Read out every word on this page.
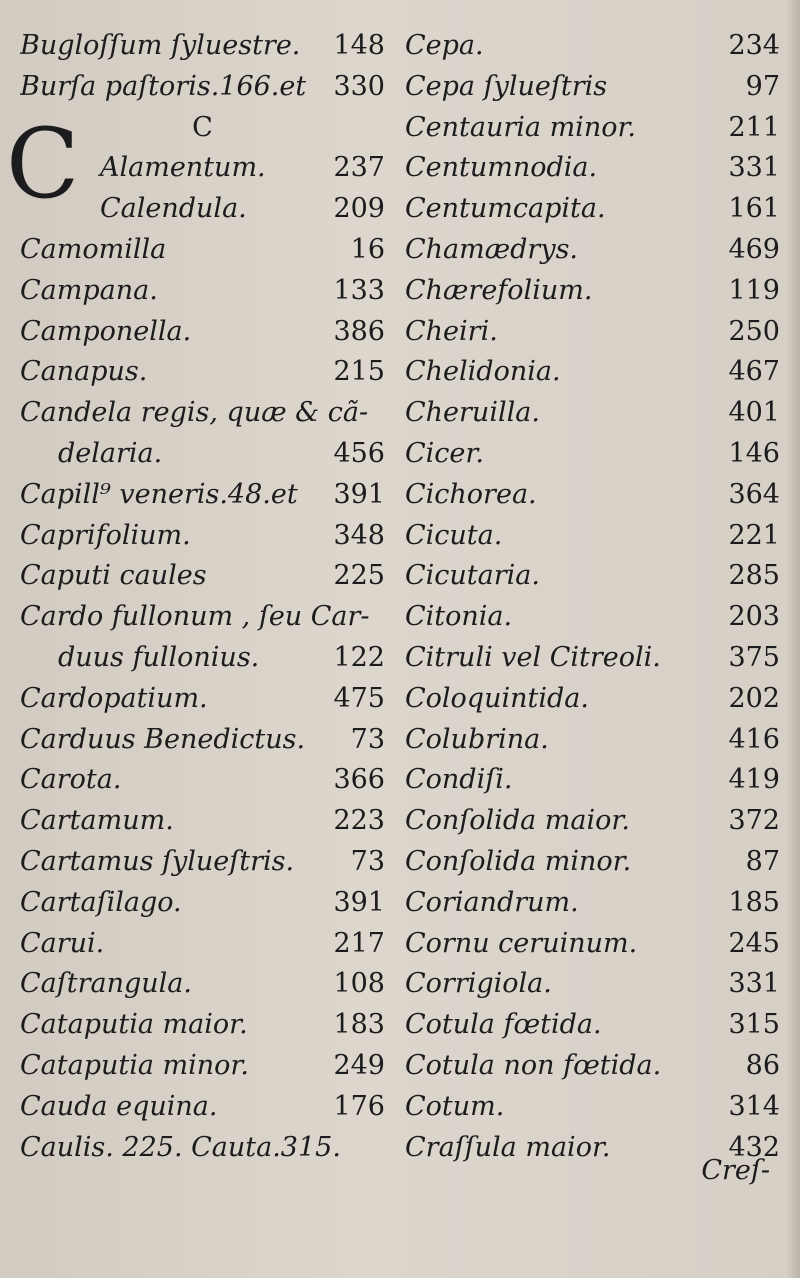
C
Bugloſſum ſyluestre. 148
Burſa paſtoris.166.et 330
C
Alamentum.	237
Calendula.	209
Camomilla	16
Campana.	133
Camponella.	386
Canapus.	215
Candela regis, quæ & cã-
delaria.	456
Capill⁹ veneris.48.et 391
Caprifolium.	348
Caputi caules	225
Cardo fullonum , ſeu Car-
duus fullonius.	122
Cardopatium.	475
Carduus Benedictus. 73
Carota.	366
Cartamum.	223
Cartamus ſylueſtris. 73
Cartaſilago.	391
Carui.	217
Caſtrangula.	108
Cataputia maior.	183
Cataputia minor.	249
Cauda equina.	176
Caulis. 225. Cauta.315.
Cepa.	234
Cepa ſylueſtris	97
Centauria minor.	211
Centumnodia.	331
Centumcapita.	161
Chamædrys.	469
Chærefolium.	119
Cheiri.	250
Chelidonia.	467
Cheruilla.	401
Cicer.	146
Cichorea.	364
Cicuta.	221
Cicutaria.	285
Citonia.	203
Citruli vel Citreoli.	375
Coloquintida.	202
Colubrina.	416
Condiſi.	419
Conſolida maior.	372
Conſolida minor.	87
Coriandrum.	185
Cornu ceruinum.	245
Corrigiola.	331
Cotula fœtida.	315
Cotula non fœtida.	86
Cotum.	314
Craſſula maior.	432
Creſ-
